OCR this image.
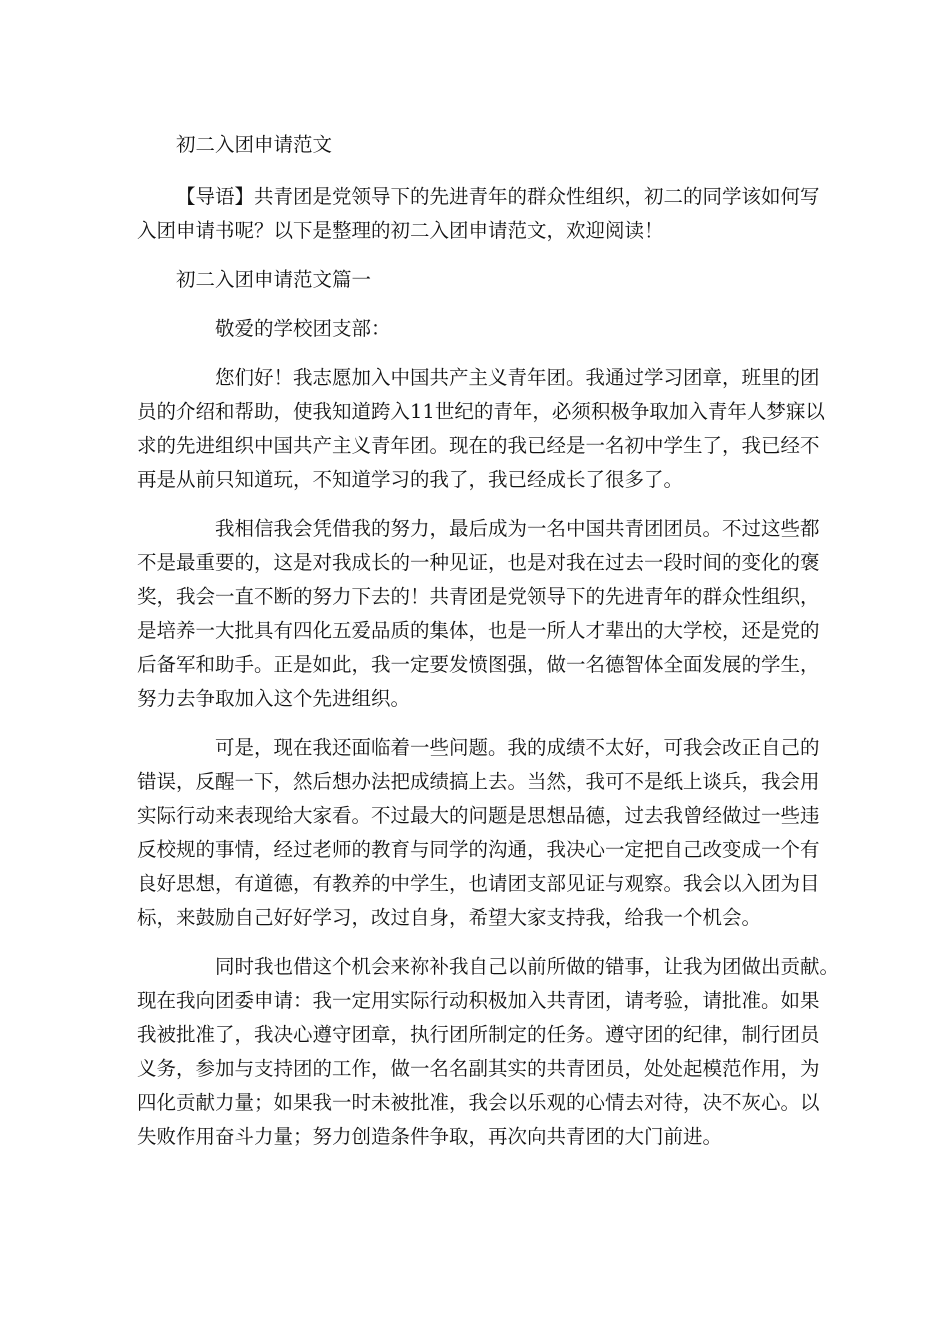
初二入团申请范文

【导语】共青团是党领导下的先进青年的群众性组织，初二的同学该如何写

入团申请书呢？以下是整理的初二入团申请范文，欢迎阅读！

初二入团申请范文篇一

敬爱的学校团支部：

您们好！我志愿加入中国共产主义青年团。我通过学习团章，班里的团

员的介绍和帮助，使我知道跨入11世纪的青年，必须积极争取加入青年人梦寐以

求的先进组织中国共产主义青年团。现在的我已经是一名初中学生了，我已经不

再是从前只知道玩，不知道学习的我了，我已经成长了很多了。

我相信我会凭借我的努力，最后成为一名中国共青团团员。不过这些都

不是最重要的，这是对我成长的一种见证，也是对我在过去一段时间的变化的褒

奖，我会一直不断的努力下去的！共青团是党领导下的先进青年的群众性组织，

是培养一大批具有四化五爱品质的集体，也是一所人才辈出的大学校，还是党的

后备军和助手。正是如此，我一定要发愤图强，做一名德智体全面发展的学生，

努力去争取加入这个先进组织。

可是，现在我还面临着一些问题。我的成绩不太好，可我会改正自己的

错误，反醒一下，然后想办法把成绩搞上去。当然，我可不是纸上谈兵，我会用

实际行动来表现给大家看。不过最大的问题是思想品德，过去我曾经做过一些违

反校规的事情，经过老师的教育与同学的沟通，我决心一定把自己改变成一个有

良好思想，有道德，有教养的中学生，也请团支部见证与观察。我会以入团为目

标，来鼓励自己好好学习，改过自身，希望大家支持我，给我一个机会。

同时我也借这个机会来祢补我自己以前所做的错事，让我为团做出贡献。

现在我向团委申请：我一定用实际行动积极加入共青团，请考验，请批准。如果

我被批准了，我决心遵守团章，执行团所制定的任务。遵守团的纪律，制行团员

义务，参加与支持团的工作，做一名名副其实的共青团员，处处起模范作用，为

四化贡献力量；如果我一时未被批准，我会以乐观的心情去对待，决不灰心。以

失败作用奋斗力量；努力创造条件争取，再次向共青团的大门前进。
